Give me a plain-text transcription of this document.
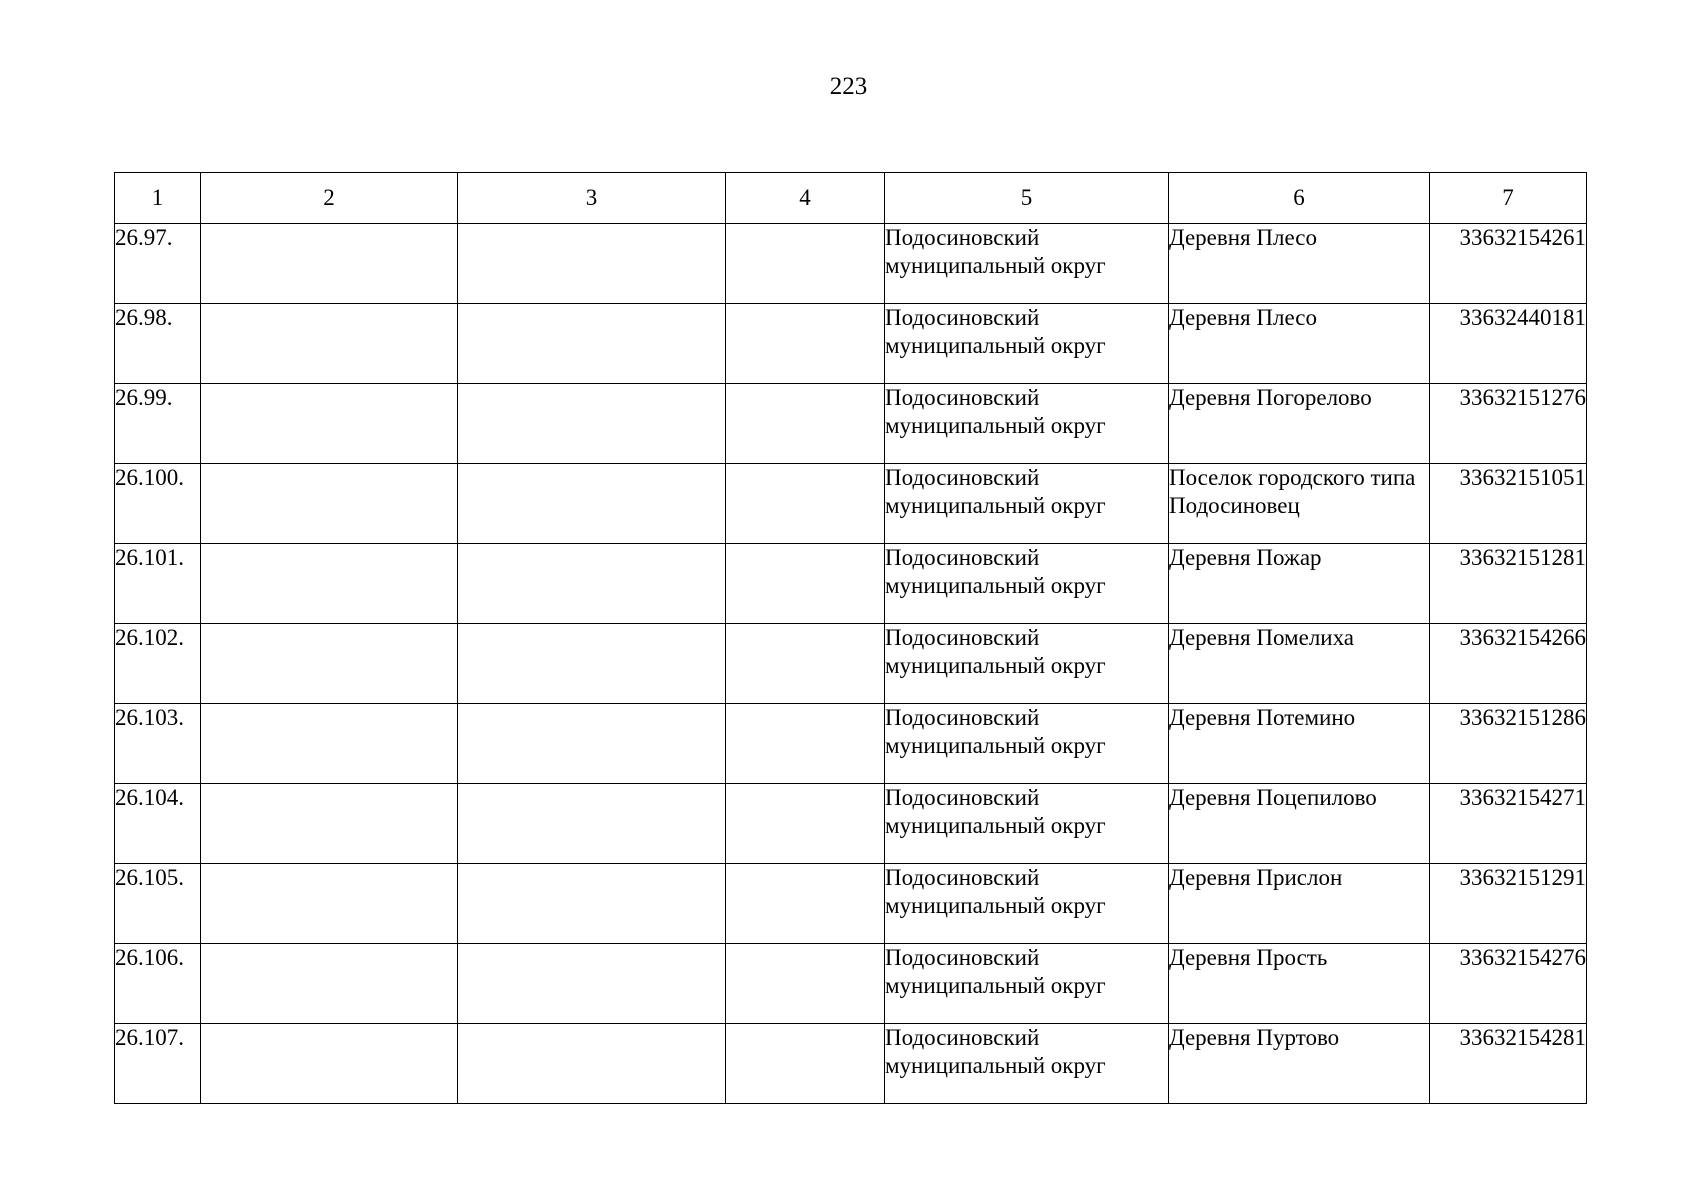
223
1	2	3	4	5	6	7
26.97.				Подосиновский муниципальный округ	Деревня Плесо	33632154261
26.98.				Подосиновский муниципальный округ	Деревня Плесо	33632440181
26.99.				Подосиновский муниципальный округ	Деревня Погорелово	33632151276
26.100.				Подосиновский муниципальный округ	Поселок городского типа Подосиновец	33632151051
26.101.				Подосиновский муниципальный округ	Деревня Пожар	33632151281
26.102.				Подосиновский муниципальный округ	Деревня Помелиха	33632154266
26.103.				Подосиновский муниципальный округ	Деревня Потемино	33632151286
26.104.				Подосиновский муниципальный округ	Деревня Поцепилово	33632154271
26.105.				Подосиновский муниципальный округ	Деревня Прислон	33632151291
26.106.				Подосиновский муниципальный округ	Деревня Прость	33632154276
26.107.				Подосиновский муниципальный округ	Деревня Пуртово	33632154281
